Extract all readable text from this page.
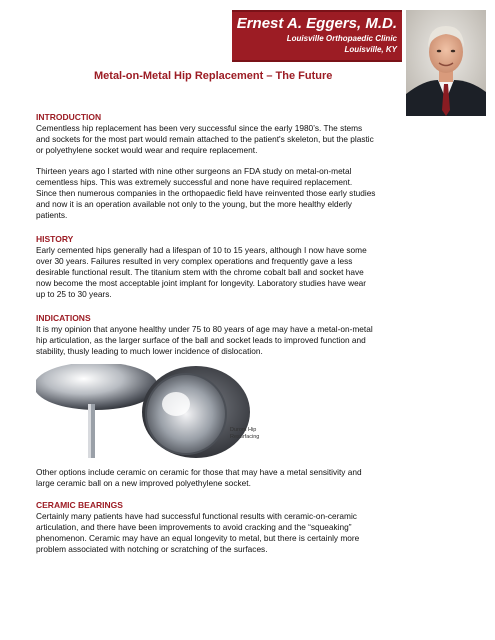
Ernest A. Eggers, M.D.
Louisville Orthopaedic Clinic
Louisville, KY
Metal-on-Metal Hip Replacement – The Future
INTRODUCTION
Cementless hip replacement has been very successful since the early 1980’s. The stems
and sockets for the most part would remain attached to the patient's skeleton, but the plastic
or polyethylene socket would wear and require replacement.
Thirteen years ago I started with nine other surgeons an FDA study on metal-on-metal
cementless hips. This was extremely successful and none have required replacement.
Since then numerous companies in the orthopaedic field have reinvented those early studies
and now it is an operation available not only to the young, but the more healthy elderly
patients.
HISTORY
Early cemented hips generally had a lifespan of 10 to 15 years, although I now have some
over 30 years. Failures resulted in very complex operations and frequently gave a less
desirable functional result. The titanium stem with the chrome cobalt ball and socket have
now become the most acceptable joint implant for longevity. Laboratory studies have wear
up to 25 to 30 years.
INDICATIONS
It is my opinion that anyone healthy under 75 to 80 years of age may have a metal-on-metal
hip articulation, as the larger surface of the ball and socket leads to improved function and
stability, thusly leading to much lower incidence of dislocation.
Durom Hip
Resurfacing
Other options include ceramic on ceramic for those that may have a metal sensitivity and
large ceramic ball on a new improved polyethylene socket.
CERAMIC BEARINGS
Certainly many patients have had successful functional results with ceramic-on-ceramic
articulation, and there have been improvements to avoid cracking and the “squeaking”
phenomenon. Ceramic may have an equal longevity to metal, but there is certainly more
problem associated with notching or scratching of the surfaces.
